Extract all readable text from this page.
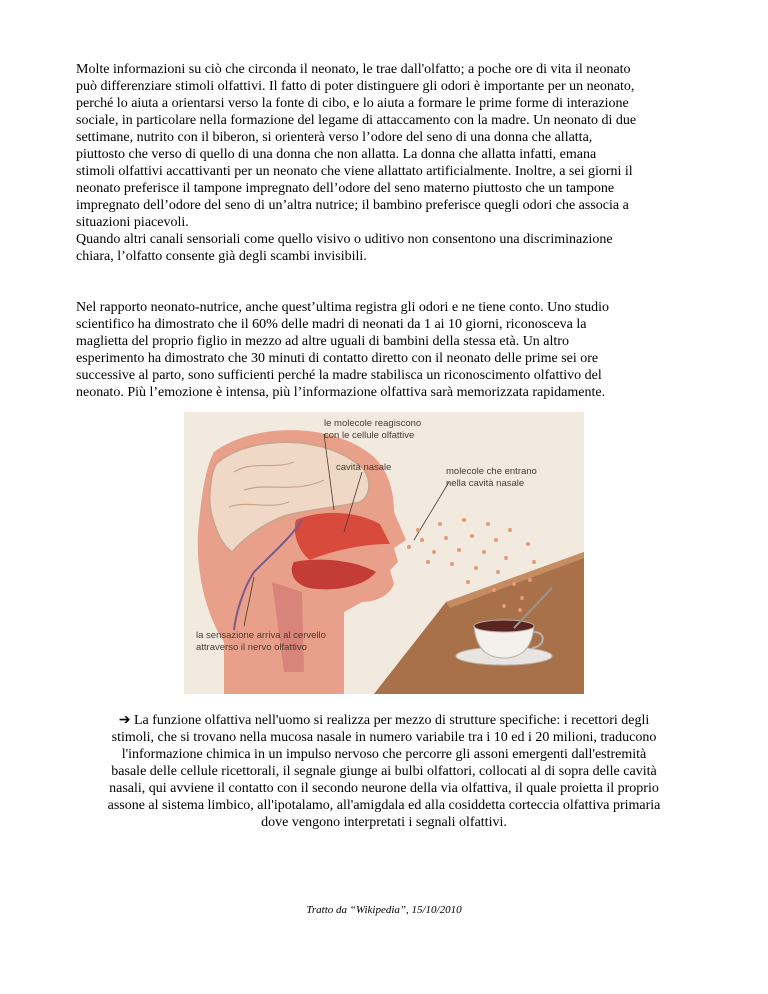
Molte informazioni su ciò che circonda il neonato, le trae dall'olfatto; a poche ore di vita il neonato
può differenziare stimoli olfattivi. Il fatto di poter distinguere gli odori è importante per un neonato,
perché lo aiuta a orientarsi verso la fonte di cibo, e lo aiuta a formare le prime forme di interazione
sociale, in particolare nella formazione del legame di attaccamento con la madre. Un neonato di due
settimane, nutrito con il biberon, si orienterà verso l’odore del seno di una donna che allatta,
piuttosto che verso di quello di una donna che non allatta. La donna che allatta infatti, emana
stimoli olfattivi accattivanti per un neonato che viene allattato artificialmente. Inoltre, a sei giorni il
neonato preferisce il tampone impregnato dell’odore del seno materno piuttosto che un tampone
impregnato dell’odore del seno di un’altra nutrice; il bambino preferisce quegli odori che associa a
situazioni piacevoli.
Quando altri canali sensoriali come quello visivo o uditivo non consentono una discriminazione
chiara, l’olfatto consente già degli scambi invisibili.

Nel rapporto neonato-nutrice, anche quest’ultima registra gli odori e ne tiene conto. Uno studio
scientifico ha dimostrato che il 60% delle madri di neonati da 1 ai 10 giorni, riconosceva la
maglietta del proprio figlio in mezzo ad altre uguali di bambini della stessa età. Un altro
esperimento ha dimostrato che 30 minuti di contatto diretto con il neonato delle prime sei ore
successive al parto, sono sufficienti perché la madre stabilisca un riconoscimento olfattivo del
neonato. Più l’emozione è intensa, più l’informazione olfattiva sarà memorizzata rapidamente.

le molecole reagiscono
con le cellule olfattive
cavità nasale	molecole che entrano
nella cavità nasale
la sensazione arriva al cervello
attraverso il nervo olfattivo

➔ La funzione olfattiva nell'uomo si realizza per mezzo di strutture specifiche: i recettori degli
stimoli, che si trovano nella mucosa nasale in numero variabile tra i 10 ed i 20 milioni, traducono
l'informazione chimica in un impulso nervoso che percorre gli assoni emergenti dall'estremità
basale delle cellule ricettorali, il segnale giunge ai bulbi olfattori, collocati al di sopra delle cavità
nasali, qui avviene il contatto con il secondo neurone della via olfattiva, il quale proietta il proprio
assone al sistema limbico, all'ipotalamo, all'amigdala ed alla cosiddetta corteccia olfattiva primaria
dove vengono interpretati i segnali olfattivi.

Tratto da “Wikipedia”, 15/10/2010
